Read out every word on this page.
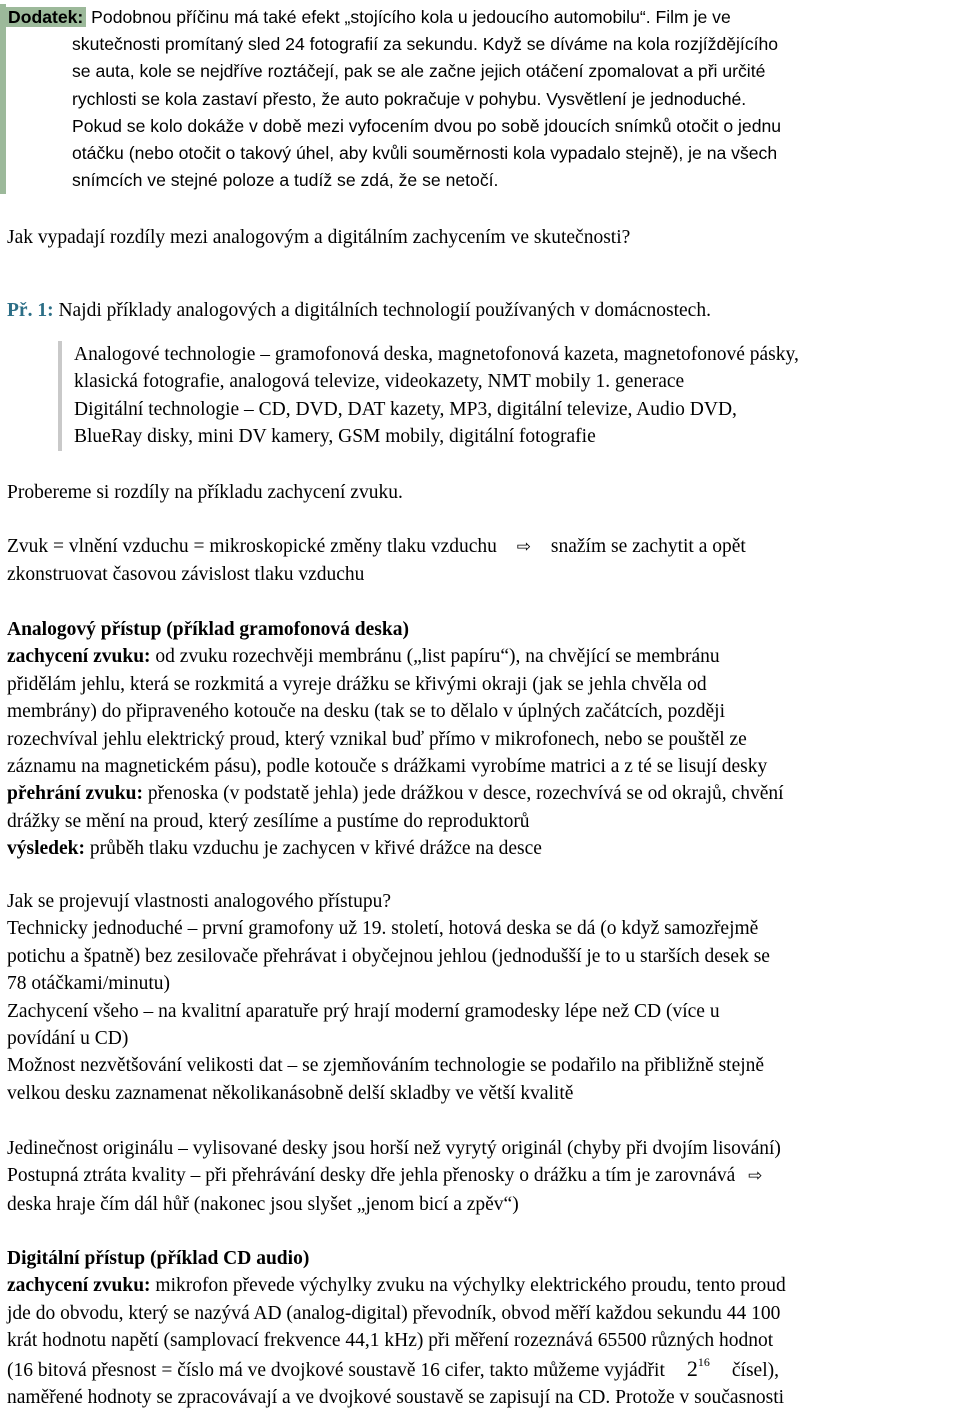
Dodatek: Podobnou příčinu má také efekt „stojícího kola u jedoucího automobilu“. Film je ve
skutečnosti promítaný sled 24 fotografií za sekundu. Když se díváme na kola rozjíždějícího
se auta, kole se nejdříve roztáčejí, pak se ale začne jejich otáčení zpomalovat a při určité
rychlosti se kola zastaví přesto, že auto pokračuje v pohybu. Vysvětlení je jednoduché.
Pokud se kolo dokáže v době mezi vyfocením dvou po sobě jdoucích snímků otočit o jednu
otáčku (nebo otočit o takový úhel, aby kvůli souměrnosti kola vypadalo stejně), je na všech
snímcích ve stejné poloze a tudíž se zdá, že se netočí.
Jak vypadají rozdíly mezi analogovým a digitálním zachycením ve skutečnosti?
Př. 1: Najdi příklady analogových a digitálních technologií používaných v domácnostech.
Analogové technologie – gramofonová deska, magnetofonová kazeta, magnetofonové pásky,
klasická fotografie, analogová televize, videokazety, NMT mobily 1. generace
Digitální technologie – CD, DVD, DAT kazety, MP3, digitální televize, Audio DVD,
BlueRay disky, mini DV kamery, GSM mobily, digitální fotografie
Probereme si rozdíly na příkladu zachycení zvuku.
Zvuk = vlnění vzduchu = mikroskopické změny tlaku vzduchu ⇨ snažím se zachytit a opět
zkonstruovat časovou závislost tlaku vzduchu
Analogový přístup (příklad gramofonová deska)
zachycení zvuku: od zvuku rozechvěji membránu („list papíru“), na chvějící se membránu
přidělám jehlu, která se rozkmitá a vyreje drážku se křivými okraji (jak se jehla chvěla od
membrány) do připraveného kotouče na desku (tak se to dělalo v úplných začátcích, později
rozechvíval jehlu elektrický proud, který vznikal buď přímo v mikrofonech, nebo se pouštěl ze
záznamu na magnetickém pásu), podle kotouče s drážkami vyrobíme matrici a z té se lisují desky
přehrání zvuku: přenoska (v podstatě jehla) jede drážkou v desce, rozechvívá se od okrajů, chvění
drážky se mění na proud, který zesílíme a pustíme do reproduktorů
výsledek: průběh tlaku vzduchu je zachycen v křivé drážce na desce
Jak se projevují vlastnosti analogového přístupu?
Technicky jednoduché – první gramofony už 19. století, hotová deska se dá (o když samozřejmě
potichu a špatně) bez zesilovače přehrávat i obyčejnou jehlou (jednodušší je to u starších desek se
78 otáčkami/minutu)
Zachycení všeho – na kvalitní aparatuře prý hrají moderní gramodesky lépe než CD (více u
povídání u CD)
Možnost nezvětšování velikosti dat – se zjemňováním technologie se podařilo na přibližně stejně
velkou desku zaznamenat několikanásobně delší skladby ve větší kvalitě
Jedinečnost originálu – vylisované desky jsou horší než vyrytý originál (chyby při dvojím lisování)
Postupná ztráta kvality – při přehrávání desky dře jehla přenosky o drážku a tím je zarovnává ⇨
deska hraje čím dál hůř (nakonec jsou slyšet „jenom bicí a zpěv“)
Digitální přístup (příklad CD audio)
zachycení zvuku: mikrofon převede výchylky zvuku na výchylky elektrického proudu, tento proud
jde do obvodu, který se nazývá AD (analog-digital) převodník, obvod měří každou sekundu 44 100
krát hodnotu napětí (samplovací frekvence 44,1 kHz) při měření rozeznává 65500 různých hodnot
(16 bitová přesnost = číslo má ve dvojkové soustavě 16 cifer, takto můžeme vyjádřit $2^{16}$ čísel),
naměřené hodnoty se zpracovávají a ve dvojkové soustavě se zapisují na CD. Protože v současnosti
